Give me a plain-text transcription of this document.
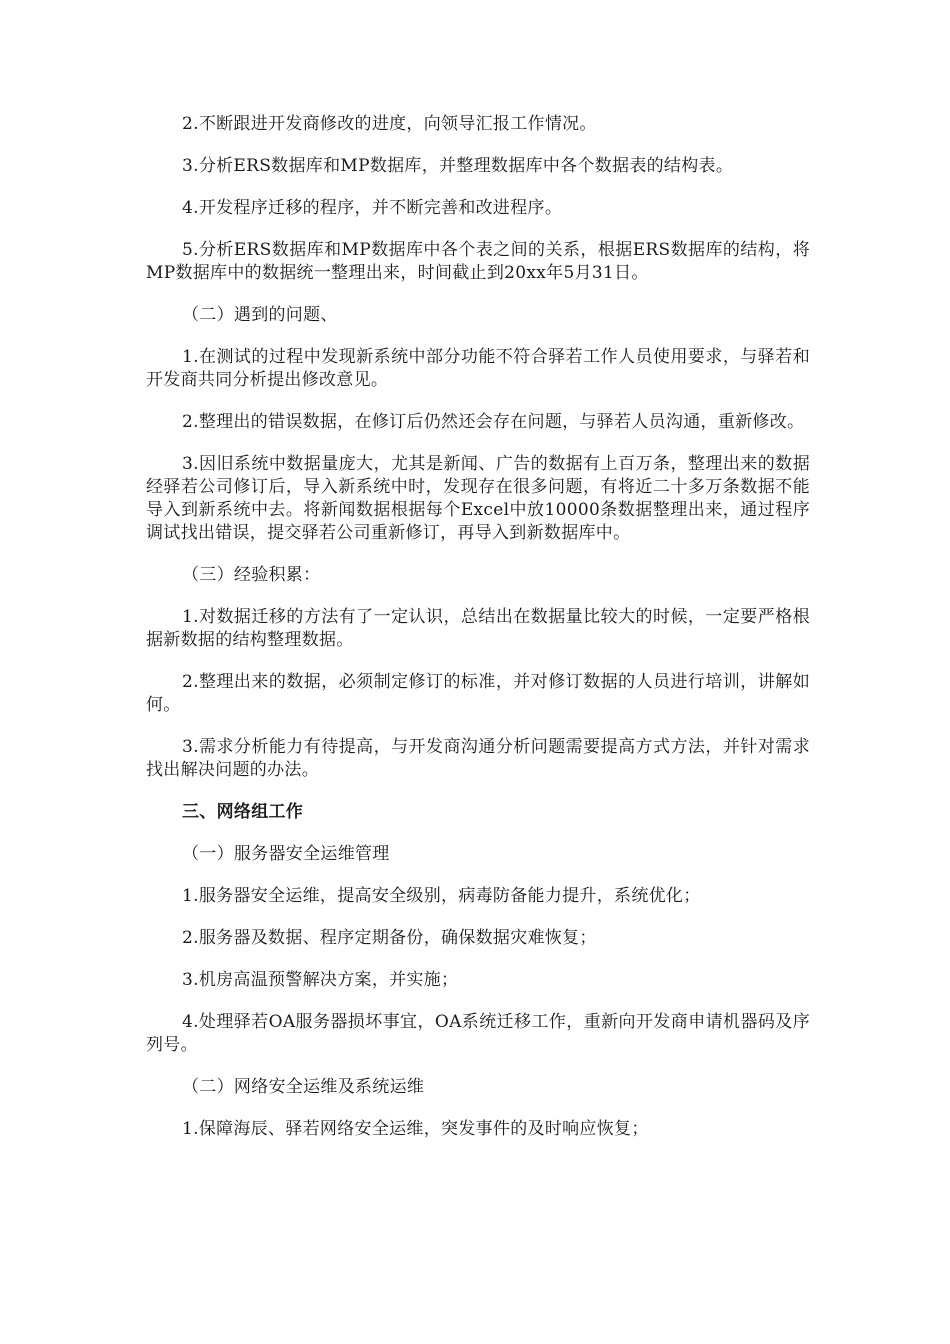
2.不断跟进开发商修改的进度，向领导汇报工作情况。

3.分析ERS数据库和MP数据库，并整理数据库中各个数据表的结构表。

4.开发程序迁移的程序，并不断完善和改进程序。

5.分析ERS数据库和MP数据库中各个表之间的关系，根据ERS数据库的结构，将MP数据库中的数据统一整理出来，时间截止到20xx年5月31日。

（二）遇到的问题、

1.在测试的过程中发现新系统中部分功能不符合驿若工作人员使用要求，与驿若和开发商共同分析提出修改意见。

2.整理出的错误数据，在修订后仍然还会存在问题，与驿若人员沟通，重新修改。

3.因旧系统中数据量庞大，尤其是新闻、广告的数据有上百万条，整理出来的数据经驿若公司修订后，导入新系统中时，发现存在很多问题，有将近二十多万条数据不能导入到新系统中去。将新闻数据根据每个Excel中放10000条数据整理出来，通过程序调试找出错误，提交驿若公司重新修订，再导入到新数据库中。

（三）经验积累：

1.对数据迁移的方法有了一定认识，总结出在数据量比较大的时候，一定要严格根据新数据的结构整理数据。

2.整理出来的数据，必须制定修订的标准，并对修订数据的人员进行培训，讲解如何。

3.需求分析能力有待提高，与开发商沟通分析问题需要提高方式方法，并针对需求找出解决问题的办法。

三、网络组工作

（一）服务器安全运维管理

1.服务器安全运维，提高安全级别，病毒防备能力提升，系统优化；

2.服务器及数据、程序定期备份，确保数据灾难恢复；

3.机房高温预警解决方案，并实施；

4.处理驿若OA服务器损坏事宜，OA系统迁移工作，重新向开发商申请机器码及序列号。

（二）网络安全运维及系统运维

1.保障海辰、驿若网络安全运维，突发事件的及时响应恢复；
